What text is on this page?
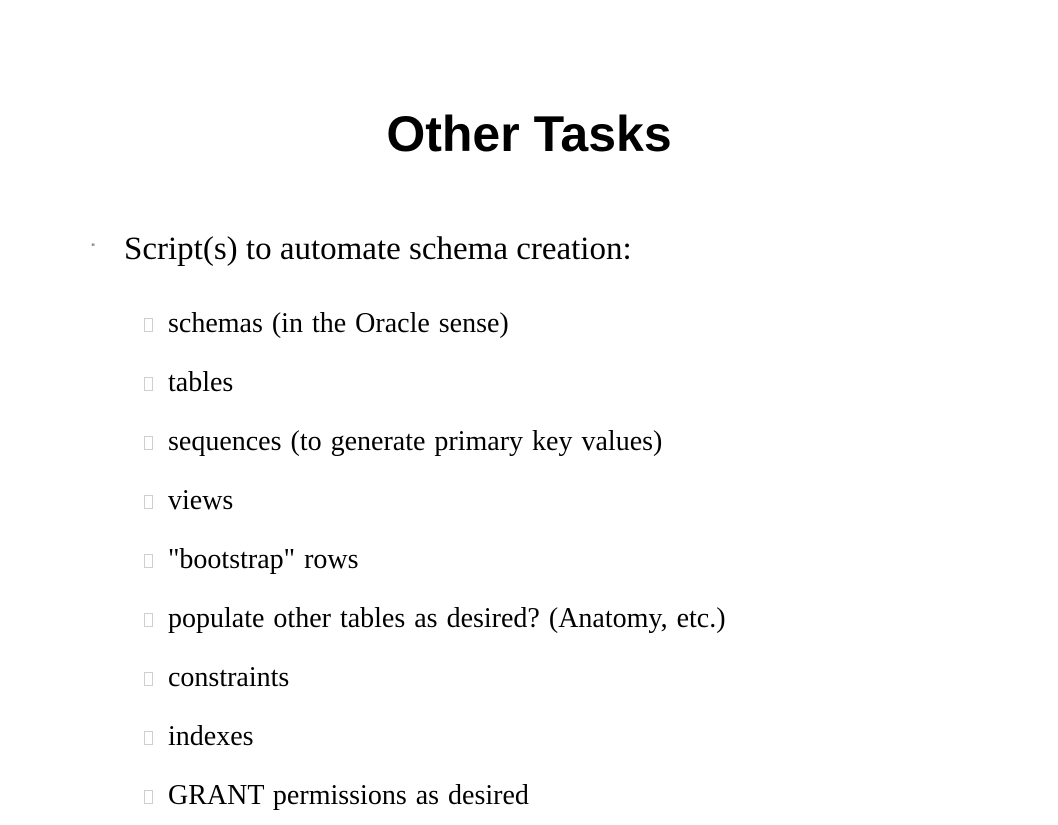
Other Tasks
" Script(s) to automate schema creation:
schemas (in the Oracle sense)
tables
sequences (to generate primary key values)
views
"bootstrap" rows
populate other tables as desired? (Anatomy, etc.)
constraints
indexes
GRANT permissions as desired
